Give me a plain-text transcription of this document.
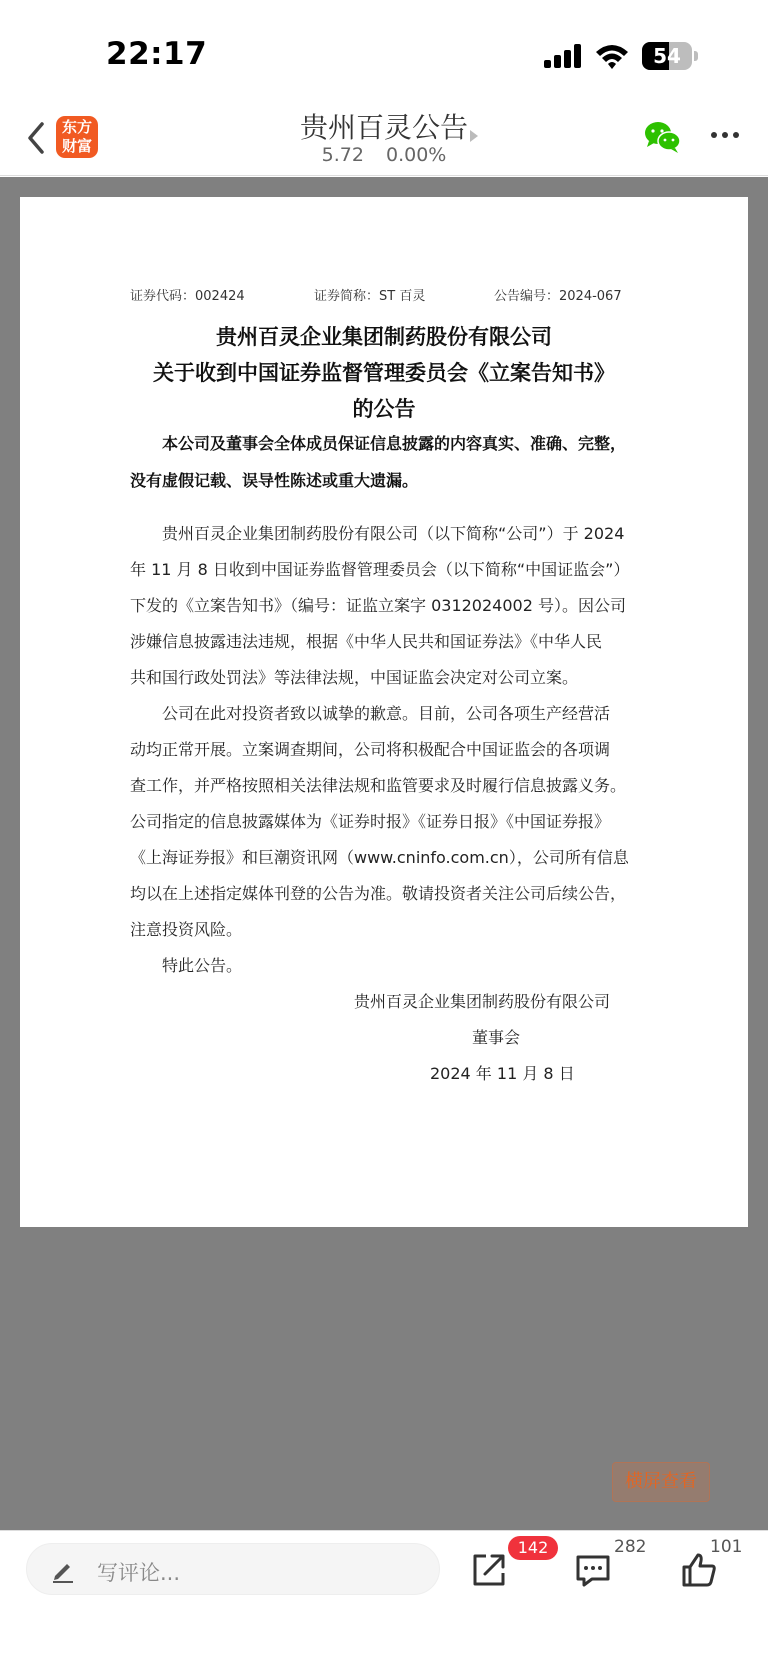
22:17	54
东方
财富
贵州百灵公告
5.72 0.00%
证券代码：002424	证券简称：ST 百灵	公告编号：2024-067
贵州百灵企业集团制药股份有限公司
关于收到中国证券监督管理委员会《立案告知书》
的公告
　　本公司及董事会全体成员保证信息披露的内容真实、准确、完整，
没有虚假记载、误导性陈述或重大遗漏。
　　贵州百灵企业集团制药股份有限公司（以下简称“公司”）于 2024
年 11 月 8 日收到中国证券监督管理委员会（以下简称“中国证监会”）
下发的《立案告知书》（编号：证监立案字 0312024002 号）。因公司
涉嫌信息披露违法违规，根据《中华人民共和国证券法》《中华人民
共和国行政处罚法》等法律法规，中国证监会决定对公司立案。
　　公司在此对投资者致以诚挚的歉意。目前，公司各项生产经营活
动均正常开展。立案调查期间，公司将积极配合中国证监会的各项调
查工作，并严格按照相关法律法规和监管要求及时履行信息披露义务。
公司指定的信息披露媒体为《证券时报》《证券日报》《中国证券报》
《上海证券报》和巨潮资讯网（www.cninfo.com.cn），公司所有信息
均以在上述指定媒体刊登的公告为准。敬请投资者关注公司后续公告，
注意投资风险。
　　特此公告。
贵州百灵企业集团制药股份有限公司
董事会
2024 年 11 月 8 日
横屏查看
写评论...
142	282	101
